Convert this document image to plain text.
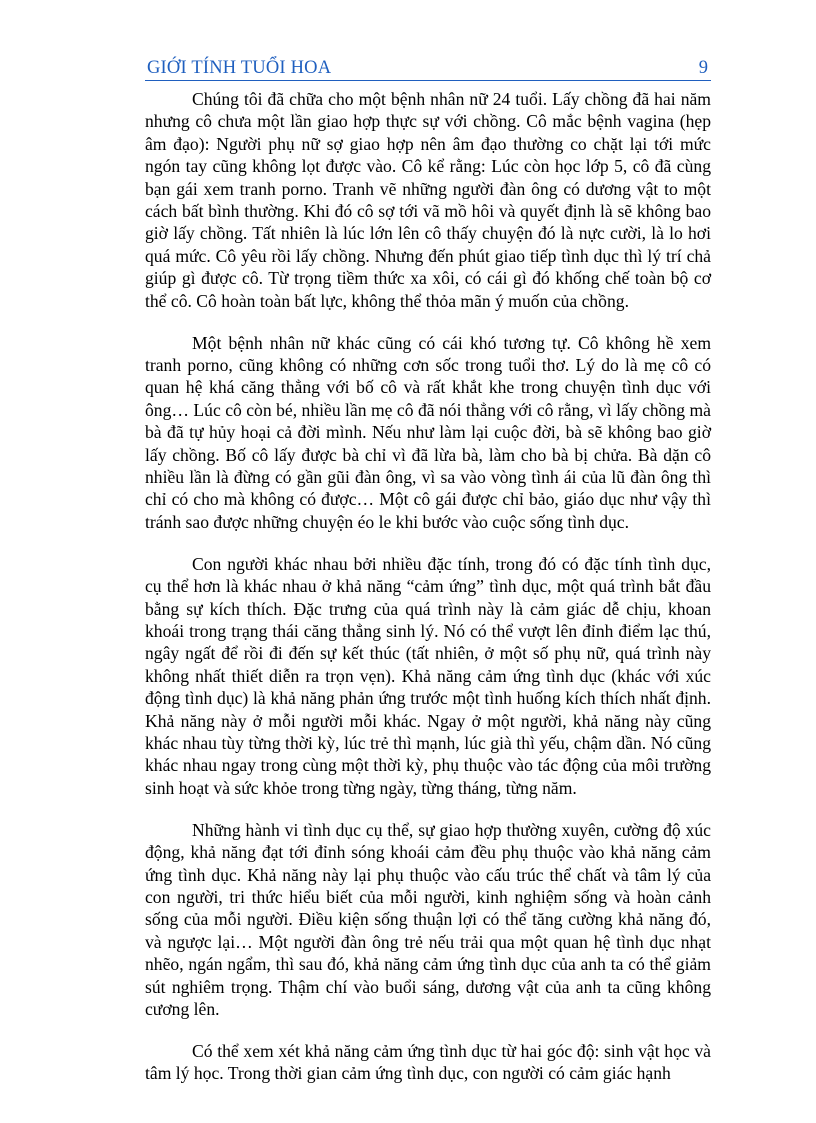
GIỚI TÍNH TUỔI HOA	9

Chúng tôi đã chữa cho một bệnh nhân nữ 24 tuổi. Lấy chồng đã hai năm nhưng cô chưa một lần giao hợp thực sự với chồng. Cô mắc bệnh vagina (hẹp âm đạo): Người phụ nữ sợ giao hợp nên âm đạo thường co chặt lại tới mức ngón tay cũng không lọt được vào. Cô kể rằng: Lúc còn học lớp 5, cô đã cùng bạn gái xem tranh porno. Tranh vẽ những người đàn ông có dương vật to một cách bất bình thường. Khi đó cô sợ tới vã mồ hôi và quyết định là sẽ không bao giờ lấy chồng. Tất nhiên là lúc lớn lên cô thấy chuyện đó là nực cười, là lo hơi quá mức. Cô yêu rồi lấy chồng. Nhưng đến phút giao tiếp tình dục thì lý trí chả giúp gì được cô. Từ trọng tiềm thức xa xôi, có cái gì đó khống chế toàn bộ cơ thể cô. Cô hoàn toàn bất lực, không thể thỏa mãn ý muốn của chồng.

Một bệnh nhân nữ khác cũng có cái khó tương tự. Cô không hề xem tranh porno, cũng không có những cơn sốc trong tuổi thơ. Lý do là mẹ cô có quan hệ khá căng thẳng với bố cô và rất khắt khe trong chuyện tình dục với ông… Lúc cô còn bé, nhiều lần mẹ cô đã nói thẳng với cô rằng, vì lấy chồng mà bà đã tự hủy hoại cả đời mình. Nếu như làm lại cuộc đời, bà sẽ không bao giờ lấy chồng. Bố cô lấy được bà chỉ vì đã lừa bà, làm cho bà bị chửa. Bà dặn cô nhiều lần là đừng có gần gũi đàn ông, vì sa vào vòng tình ái của lũ đàn ông thì chỉ có cho mà không có được… Một cô gái được chỉ bảo, giáo dục như vậy thì tránh sao được những chuyện éo le khi bước vào cuộc sống tình dục.

Con người khác nhau bởi nhiều đặc tính, trong đó có đặc tính tình dục, cụ thể hơn là khác nhau ở khả năng “cảm ứng” tình dục, một quá trình bắt đầu bằng sự kích thích. Đặc trưng của quá trình này là cảm giác dễ chịu, khoan khoái trong trạng thái căng thẳng sinh lý. Nó có thể vượt lên đỉnh điểm lạc thú, ngây ngất để rồi đi đến sự kết thúc (tất nhiên, ở một số phụ nữ, quá trình này không nhất thiết diễn ra trọn vẹn). Khả năng cảm ứng tình dục (khác với xúc động tình dục) là khả năng phản ứng trước một tình huống kích thích nhất định. Khả năng này ở mỗi người mỗi khác. Ngay ở một người, khả năng này cũng khác nhau tùy từng thời kỳ, lúc trẻ thì mạnh, lúc già thì yếu, chậm dần. Nó cũng khác nhau ngay trong cùng một thời kỳ, phụ thuộc vào tác động của môi trường sinh hoạt và sức khỏe trong từng ngày, từng tháng, từng năm.

Những hành vi tình dục cụ thể, sự giao hợp thường xuyên, cường độ xúc động, khả năng đạt tới đỉnh sóng khoái cảm đều phụ thuộc vào khả năng cảm ứng tình dục. Khả năng này lại phụ thuộc vào cấu trúc thể chất và tâm lý của con người, tri thức hiểu biết của mỗi người, kinh nghiệm sống và hoàn cảnh sống của mỗi người. Điều kiện sống thuận lợi có thể tăng cường khả năng đó, và ngược lại… Một người đàn ông trẻ nếu trải qua một quan hệ tình dục nhạt nhẽo, ngán ngẩm, thì sau đó, khả năng cảm ứng tình dục của anh ta có thể giảm sút nghiêm trọng. Thậm chí vào buổi sáng, dương vật của anh ta cũng không cương lên.

Có thể xem xét khả năng cảm ứng tình dục từ hai góc độ: sinh vật học và tâm lý học. Trong thời gian cảm ứng tình dục, con người có cảm giác hạnh
